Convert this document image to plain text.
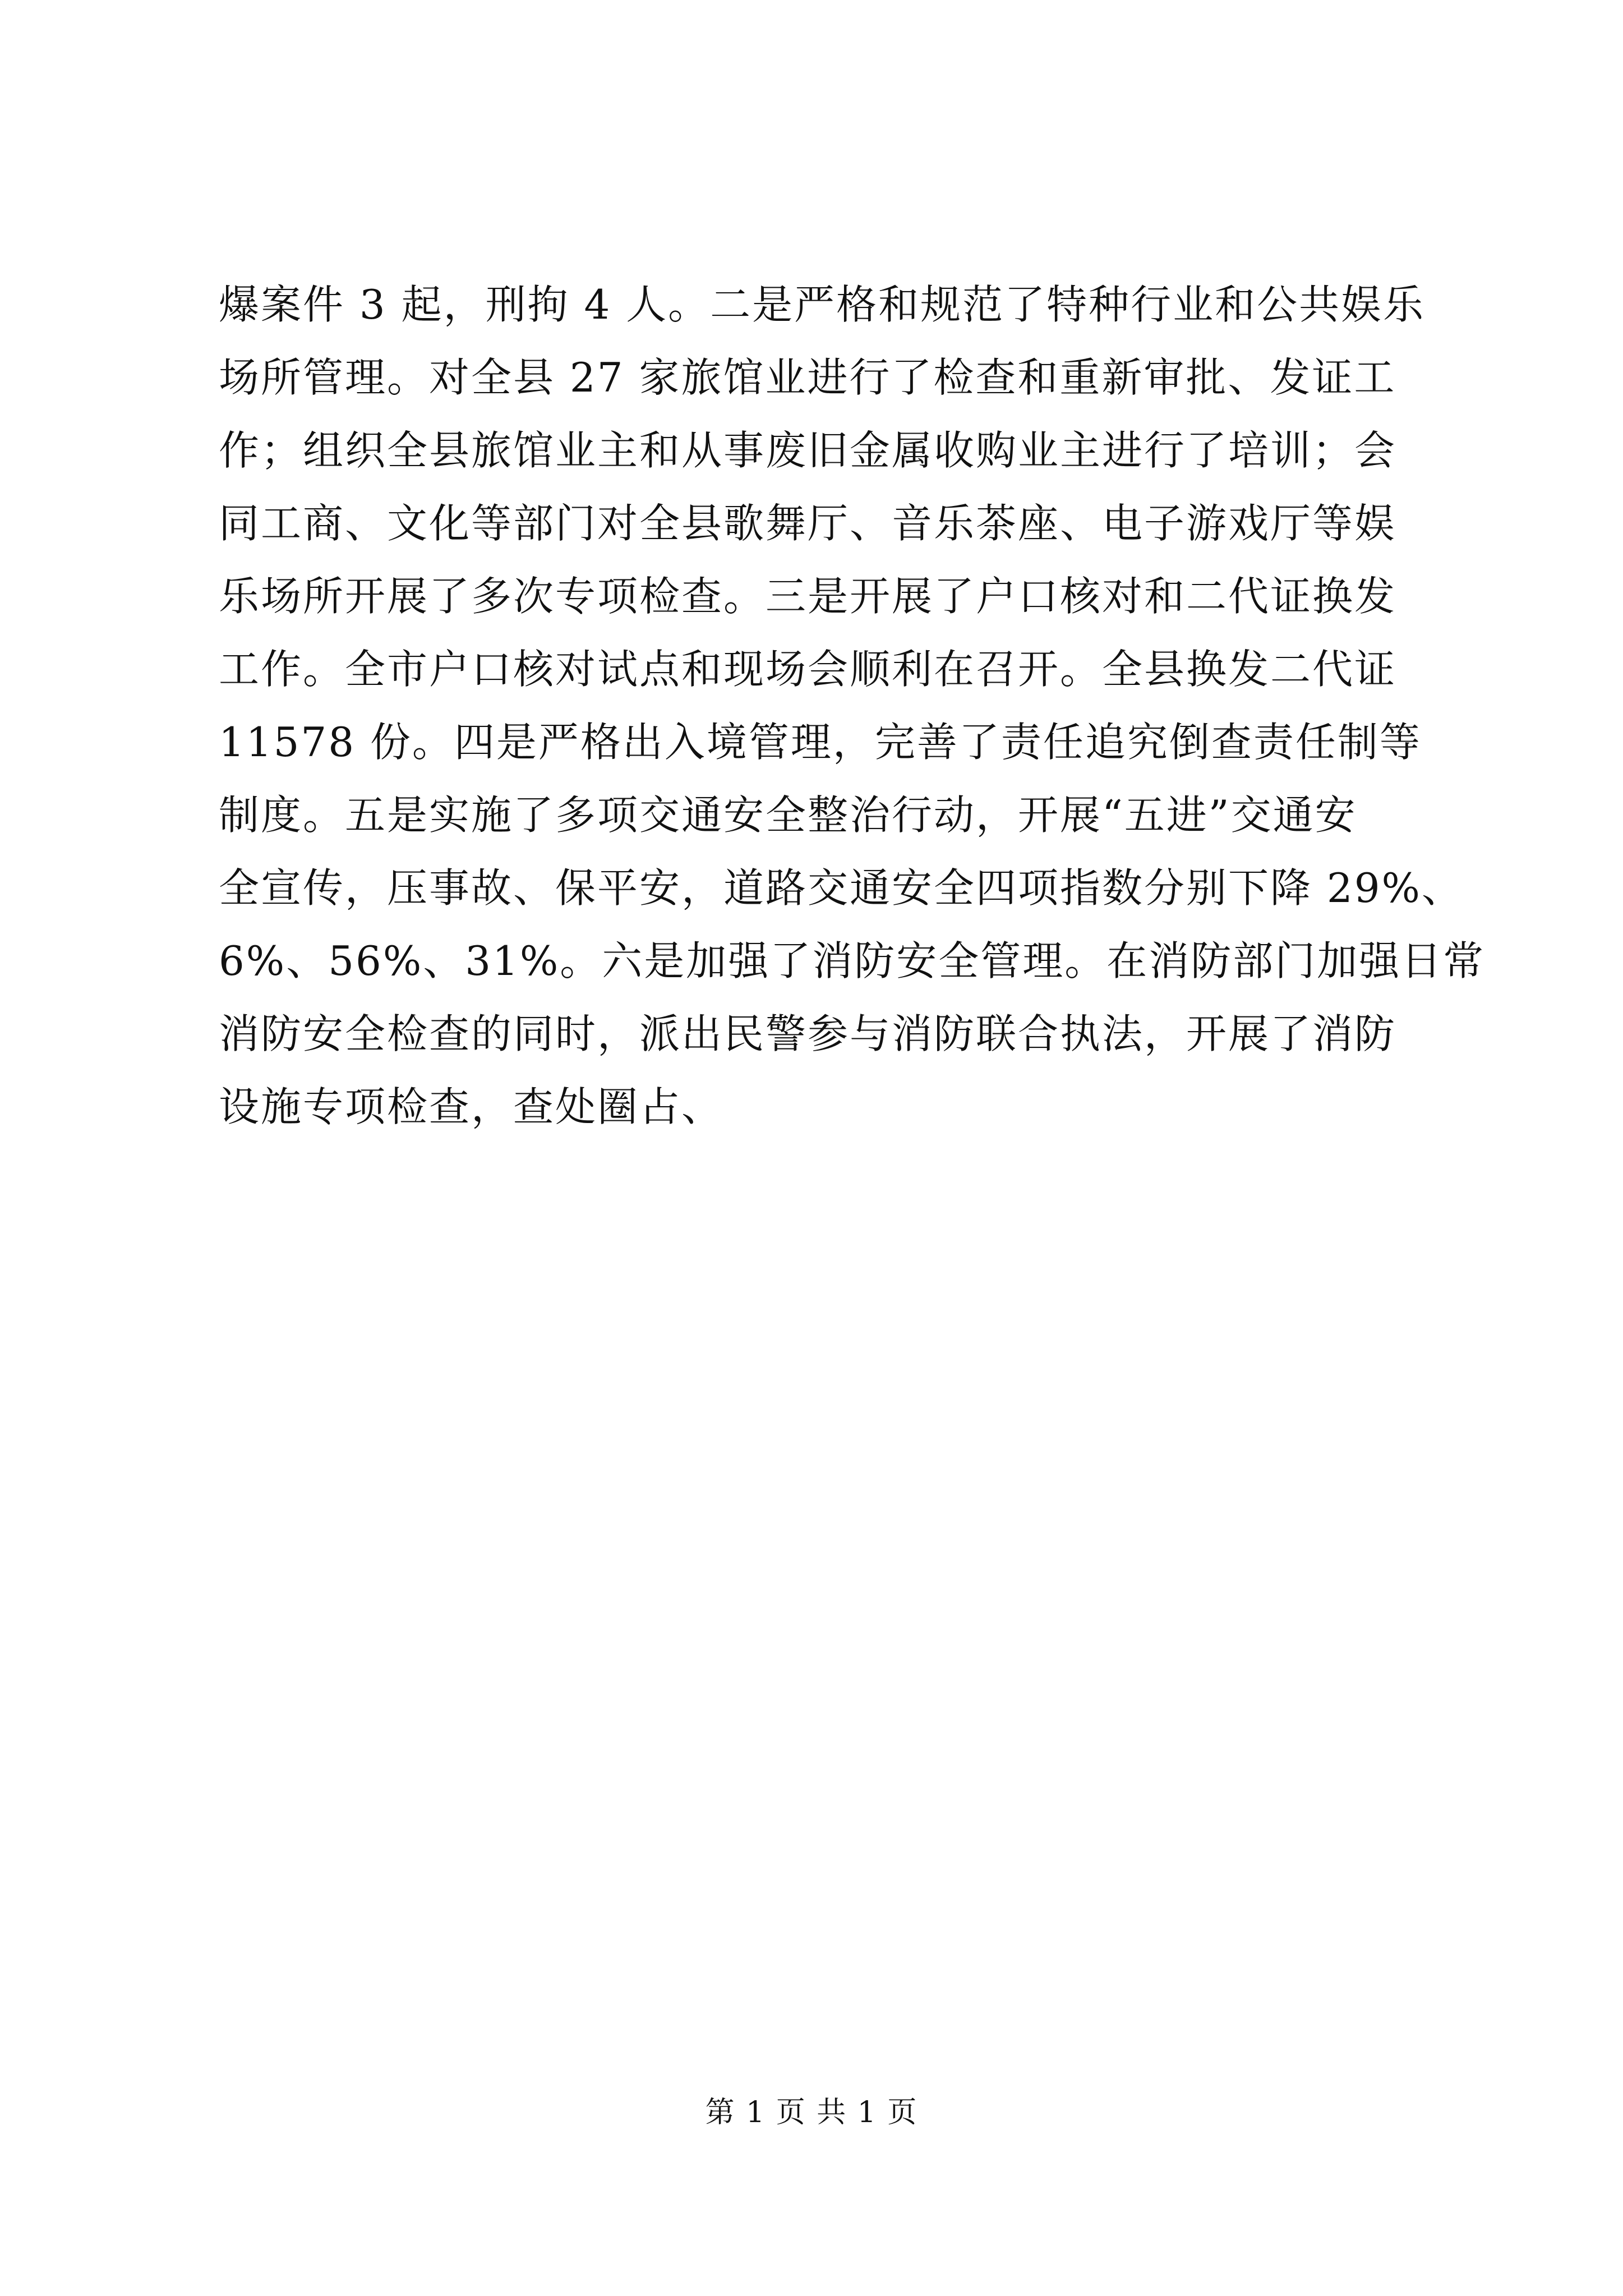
爆案件 3 起，刑拘 4 人。二是严格和规范了特种行业和公共娱乐
场所管理。对全县 27 家旅馆业进行了检查和重新审批、发证工
作；组织全县旅馆业主和从事废旧金属收购业主进行了培训；会
同工商、文化等部门对全县歌舞厅、音乐茶座、电子游戏厅等娱
乐场所开展了多次专项检查。三是开展了户口核对和二代证换发
工作。全市户口核对试点和现场会顺利在召开。全县换发二代证
11578 份。四是严格出入境管理，完善了责任追究倒查责任制等
制度。五是实施了多项交通安全整治行动，开展“五进”交通安
全宣传，压事故、保平安，道路交通安全四项指数分别下降 29%、
6%、56%、31%。六是加强了消防安全管理。在消防部门加强日常
消防安全检查的同时，派出民警参与消防联合执法，开展了消防
设施专项检查，查处圈占、
第 1 页 共 1 页
